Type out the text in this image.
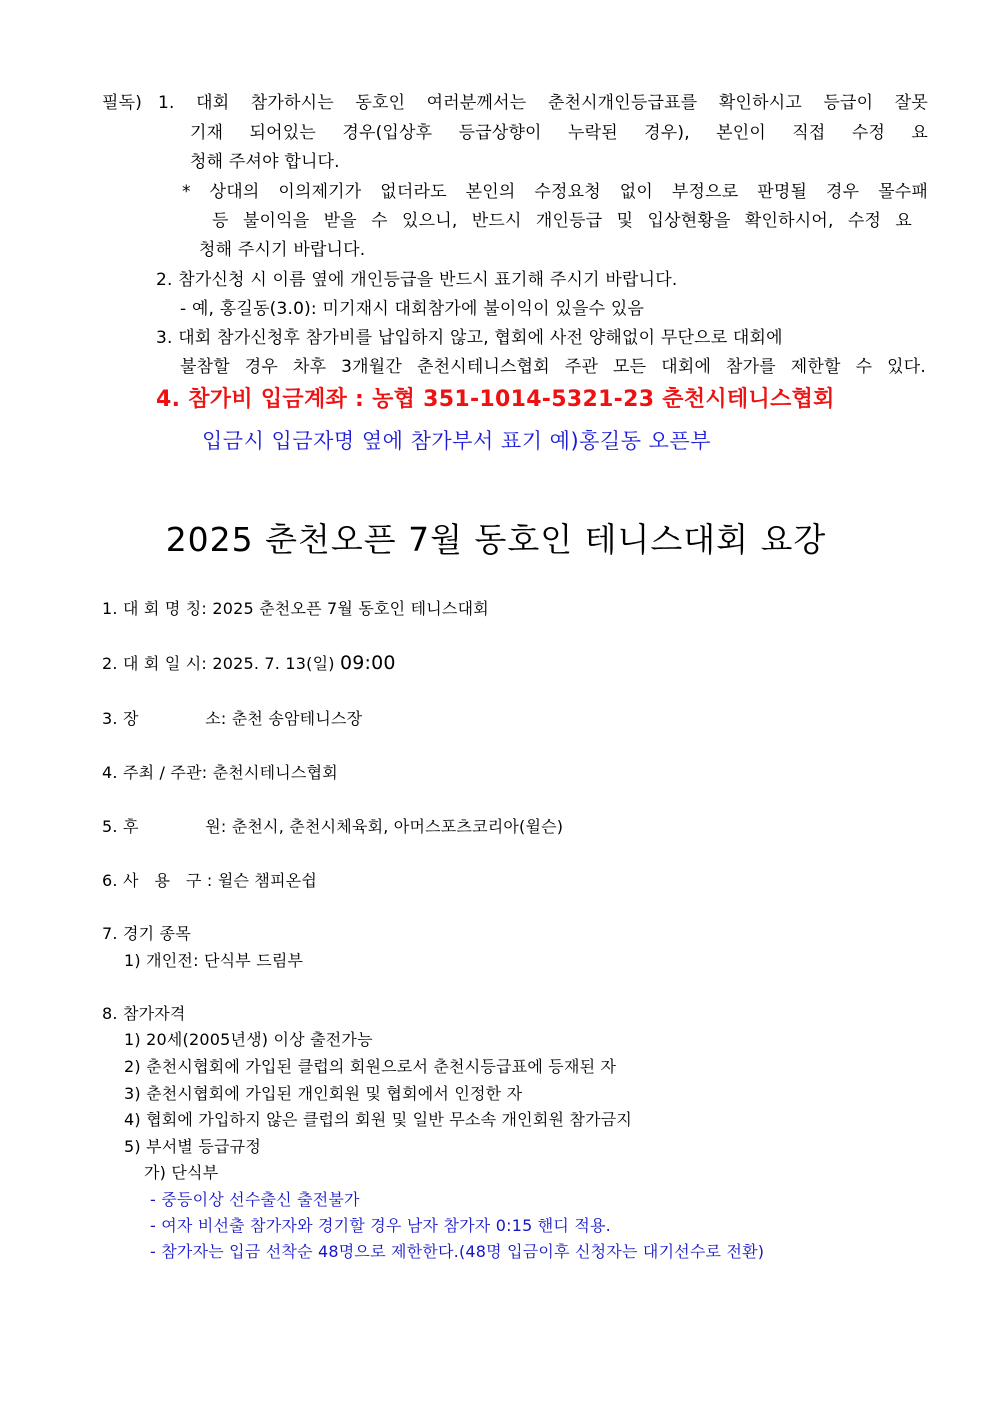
필독) 1. 대회 참가하시는 동호인 여러분께서는 춘천시개인등급표를 확인하시고 등급이 잘못
기재 되어있는 경우(입상후 등급상향이 누락된 경우), 본인이 직접 수정 요
청해 주셔야 합니다.
* 상대의 이의제기가 없더라도 본인의 수정요청 없이 부정으로 판명될 경우 몰수패
등 불이익을 받을 수 있으니, 반드시 개인등급 및 입상현황을 확인하시어, 수정 요
청해 주시기 바랍니다.
2. 참가신청 시 이름 옆에 개인등급을 반드시 표기해 주시기 바랍니다.
- 예, 홍길동(3.0): 미기재시 대회참가에 불이익이 있을수 있음
3. 대회 참가신청후 참가비를 납입하지 않고, 협회에 사전 양해없이 무단으로 대회에
불참할 경우 차후 3개월간 춘천시테니스협회 주관 모든 대회에 참가를 제한할 수 있다.
4. 참가비 입금계좌 : 농협 351-1014-5321-23 춘천시테니스협회
입금시 입금자명 옆에 참가부서 표기 예)홍길동 오픈부
2025 춘천오픈 7월 동호인 테니스대회 요강
1. 대 회 명 칭: 2025 춘천오픈 7월 동호인 테니스대회
2. 대 회 일 시: 2025. 7. 13(일) 09:00
3. 장	소: 춘천 송암테니스장
4. 주최 / 주관: 춘천시테니스협회
5. 후	원: 춘천시, 춘천시체육회, 아머스포츠코리아(윌슨)
6. 사   용   구 : 윌슨 챔피온쉽
7. 경기 종목
1) 개인전: 단식부 드림부
8. 참가자격
1) 20세(2005년생) 이상 출전가능
2) 춘천시협회에 가입된 클럽의 회원으로서 춘천시등급표에 등재된 자
3) 춘천시협회에 가입된 개인회원 및 협회에서 인정한 자
4) 협회에 가입하지 않은 클럽의 회원 및 일반 무소속 개인회원 참가금지
5) 부서별 등급규정
가) 단식부
- 중등이상 선수출신 출전불가
- 여자 비선출 참가자와 경기할 경우 남자 참가자 0:15 핸디 적용.
- 참가자는 입금 선착순 48명으로 제한한다.(48명 입금이후 신청자는 대기선수로 전환)
